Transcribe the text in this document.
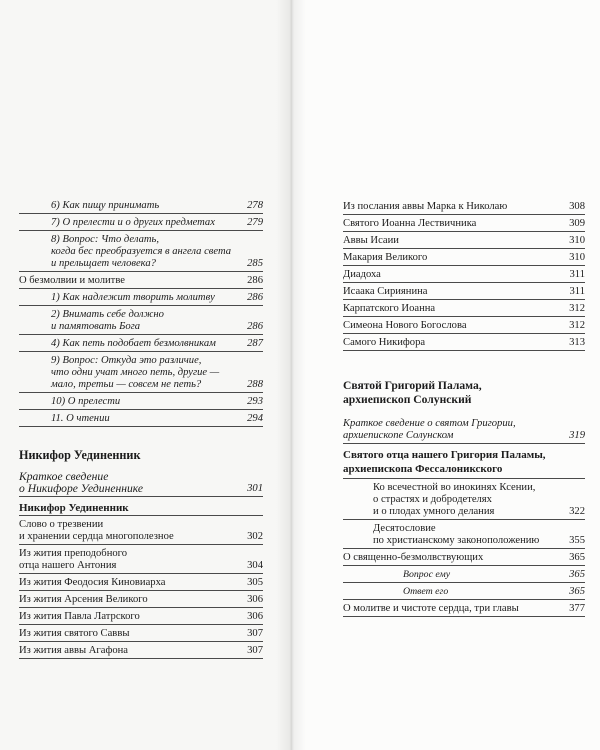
6) Как пищу принимать	278
7) О прелести и о других предметах	279
8) Вопрос: Что делать,
когда бес преобразуется в ангела света
и прельщает человека?	285
О безмолвии и молитве	286
1) Как надлежит творить молитву	286
2) Внимать себе должно
и памятовать Бога	286
4) Как петь подобает безмолвникам	287
9) Вопрос: Откуда это различие,
что одни учат много петь, другие —
мало, третьи — совсем не петь?	288
10) О прелести	293
11. О чтении	294
Никифор Уединенник
Краткое сведение
о Никифоре Уединеннике	301
Никифор Уединенник
Слово о трезвении
и хранении сердца многополезное	302
Из жития преподобного
отца нашего Антония	304
Из жития Феодосия Киновиарха	305
Из жития Арсения Великого	306
Из жития Павла Латрского	306
Из жития святого Саввы	307
Из жития аввы Агафона	307
Из послания аввы Марка к Николаю	308
Святого Иоанна Лествичника	309
Аввы Исаии	310
Макария Великого	310
Диадоха	311
Исаака Сириянина	311
Карпатского Иоанна	312
Симеона Нового Богослова	312
Самого Никифора	313
Святой Григорий Палама,
архиепископ Солунский
Краткое сведение о святом Григории,
архиепископе Солунском	319
Святого отца нашего Григория Паламы,
архиепископа Фессалоникского
Ко всечестной во инокинях Ксении,
о страстях и добродетелях
и о плодах умного делания	322
Десятословие
по христианскому законоположению	355
О священно-безмолвствующих	365
Вопрос ему	365
Ответ его	365
О молитве и чистоте сердца, три главы	377
